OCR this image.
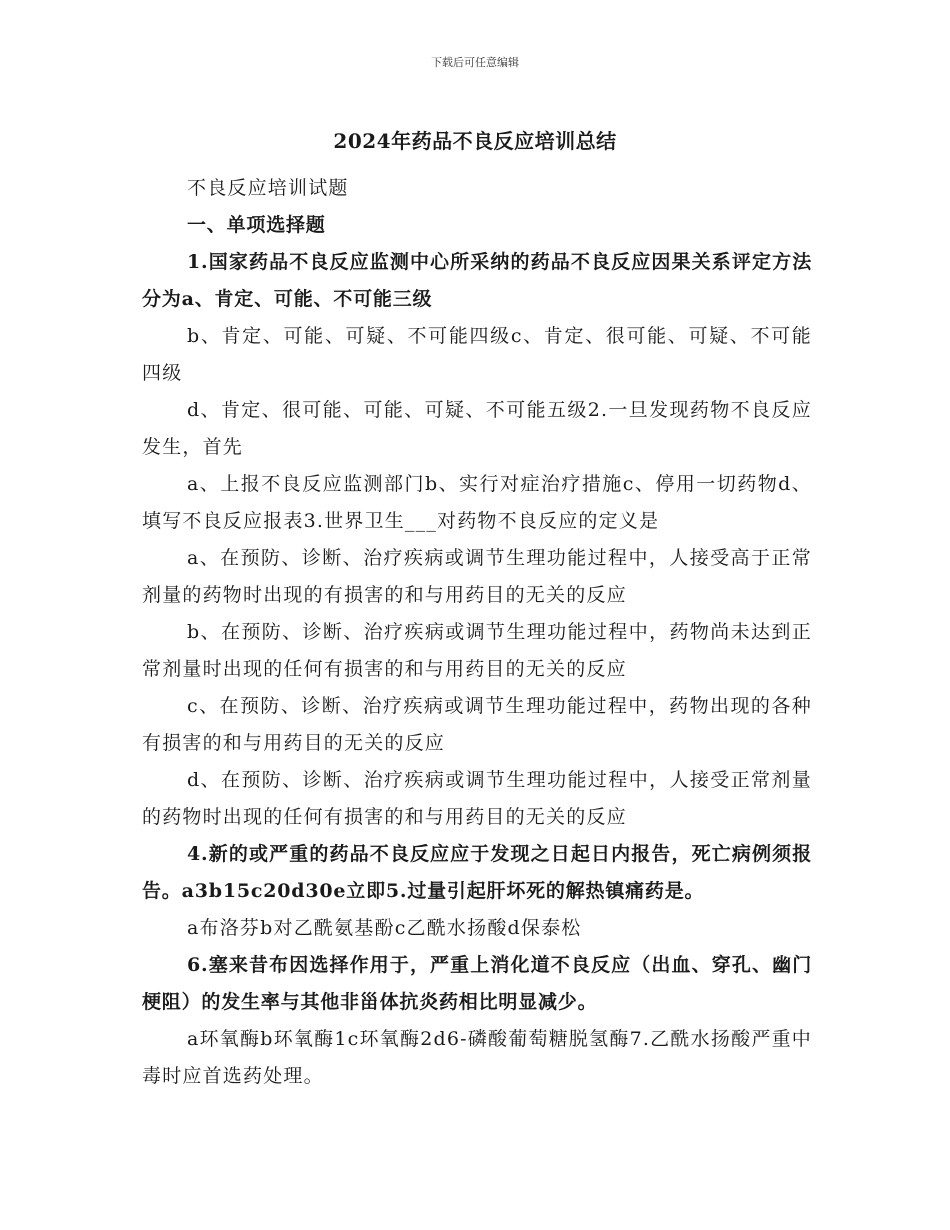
下载后可任意编辑
2024年药品不良反应培训总结

不良反应培训试题

一、单项选择题

1.国家药品不良反应监测中心所采纳的药品不良反应因果关系评定方法分为a、肯定、可能、不可能三级

b、肯定、可能、可疑、不可能四级c、肯定、很可能、可疑、不可能四级

d、肯定、很可能、可能、可疑、不可能五级2.一旦发现药物不良反应发生，首先

a、上报不良反应监测部门b、实行对症治疗措施c、停用一切药物d、填写不良反应报表3.世界卫生___对药物不良反应的定义是

a、在预防、诊断、治疗疾病或调节生理功能过程中，人接受高于正常剂量的药物时出现的有损害的和与用药目的无关的反应

b、在预防、诊断、治疗疾病或调节生理功能过程中，药物尚未达到正常剂量时出现的任何有损害的和与用药目的无关的反应

c、在预防、诊断、治疗疾病或调节生理功能过程中，药物出现的各种有损害的和与用药目的无关的反应

d、在预防、诊断、治疗疾病或调节生理功能过程中，人接受正常剂量的药物时出现的任何有损害的和与用药目的无关的反应

4.新的或严重的药品不良反应应于发现之日起日内报告，死亡病例须报告。a3b15c20d30e立即5.过量引起肝坏死的解热镇痛药是。

a布洛芬b对乙酰氨基酚c乙酰水扬酸d保泰松

6.塞来昔布因选择作用于，严重上消化道不良反应（出血、穿孔、幽门梗阻）的发生率与其他非甾体抗炎药相比明显减少。

a环氧酶b环氧酶1c环氧酶2d6-磷酸葡萄糖脱氢酶7.乙酰水扬酸严重中毒时应首选药处理。
